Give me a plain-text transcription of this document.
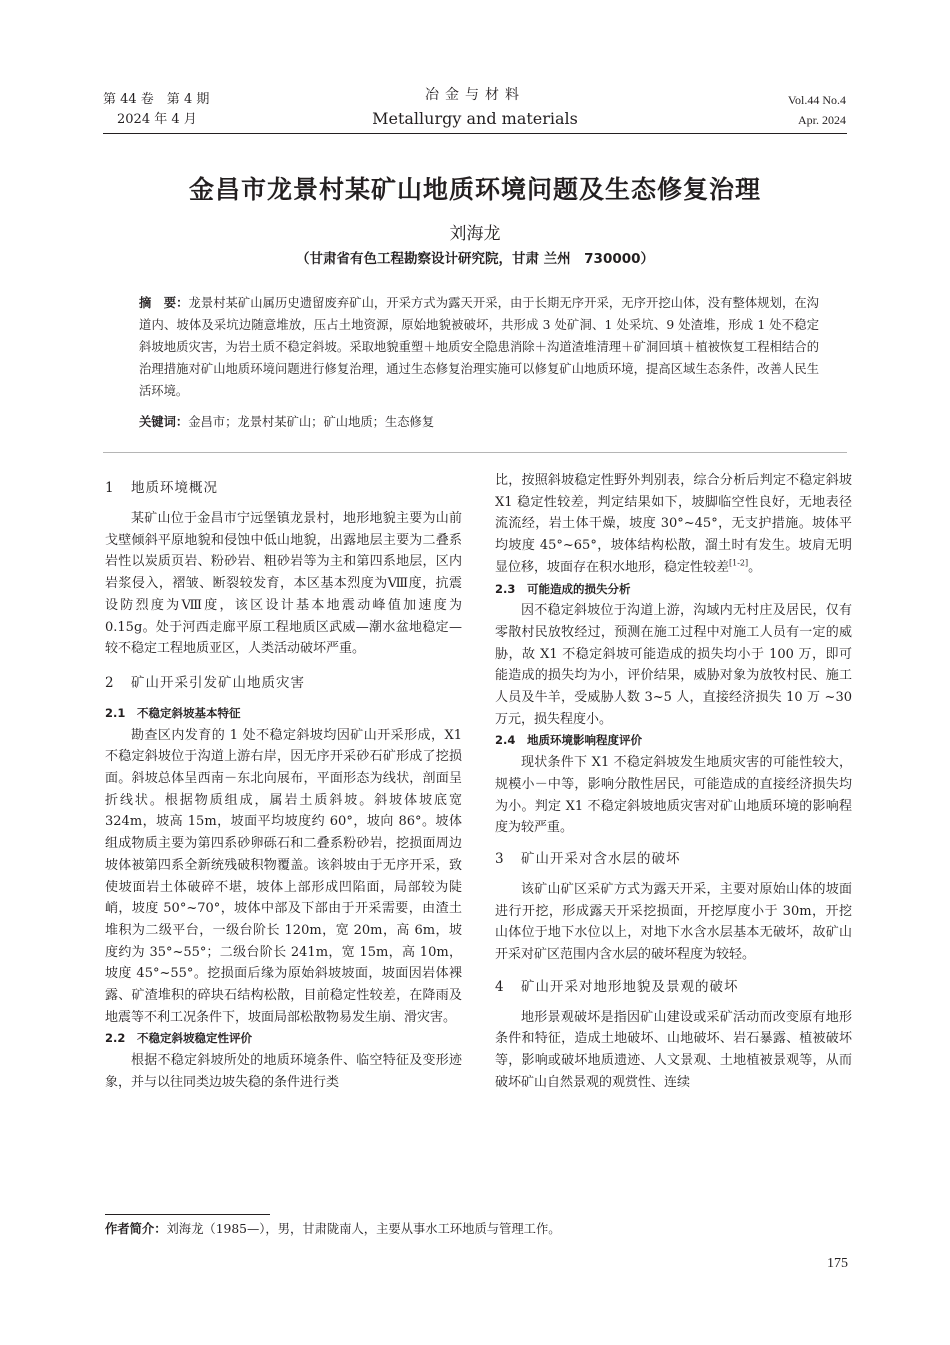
第 44 卷　第 4 期
2024 年 4 月
冶金与材料
Metallurgy and materials
Vol.44 No.4
Apr. 2024
金昌市龙景村某矿山地质环境问题及生态修复治理
刘海龙
（甘肃省有色工程勘察设计研究院，甘肃 兰州　730000）
摘　要：龙景村某矿山属历史遗留废弃矿山，开采方式为露天开采，由于长期无序开采，无序开挖山体，没有整体规划，在沟道内、坡体及采坑边随意堆放，压占土地资源，原始地貌被破坏，共形成 3 处矿洞、1 处采坑、9 处渣堆，形成 1 处不稳定斜坡地质灾害，为岩土质不稳定斜坡。采取地貌重塑＋地质安全隐患消除＋沟道渣堆清理＋矿洞回填＋植被恢复工程相结合的治理措施对矿山地质环境问题进行修复治理，通过生态修复治理实施可以修复矿山地质环境，提高区域生态条件，改善人民生活环境。
关键词：金昌市；龙景村某矿山；矿山地质；生态修复
1 地质环境概况

某矿山位于金昌市宁远堡镇龙景村，地形地貌主要为山前戈壁倾斜平原地貌和侵蚀中低山地貌，出露地层主要为二叠系岩性以炭质页岩、粉砂岩、粗砂岩等为主和第四系地层，区内岩浆侵入，褶皱、断裂较发育，本区基本烈度为Ⅷ度，抗震设防烈度为Ⅷ度，该区设计基本地震动峰值加速度为 0.15g。处于河西走廊平原工程地质区武威—潮水盆地稳定—较不稳定工程地质亚区，人类活动破坏严重。

2 矿山开采引发矿山地质灾害
2.1 不稳定斜坡基本特征

勘查区内发育的 1 处不稳定斜坡均因矿山开采形成，X1 不稳定斜坡位于沟道上游右岸，因无序开采砂石矿形成了挖损面。斜坡总体呈西南－东北向展布，平面形态为线状，剖面呈折线状。根据物质组成，属岩土质斜坡。斜坡体坡底宽 324m，坡高 15m，坡面平均坡度约 60°，坡向 86°。坡体组成物质主要为第四系砂卵砾石和二叠系粉砂岩，挖损面周边坡体被第四系全新统残破积物覆盖。该斜坡由于无序开采，致使坡面岩土体破碎不堪，坡体上部形成凹陷面，局部较为陡峭，坡度 50°~70°，坡体中部及下部由于开采需要，由渣土堆积为二级平台，一级台阶长 120m，宽 20m，高 6m，坡度约为 35°~55°；二级台阶长 241m，宽 15m，高 10m，坡度 45°~55°。挖损面后缘为原始斜坡坡面，坡面因岩体裸露、矿渣堆积的碎块石结构松散，目前稳定性较差，在降雨及地震等不利工况条件下，坡面局部松散物易发生崩、滑灾害。

2.2 不稳定斜坡稳定性评价

根据不稳定斜坡所处的地质环境条件、临空特征及变形迹象，并与以往同类边坡失稳的条件进行类

比，按照斜坡稳定性野外判别表，综合分析后判定不稳定斜坡 X1 稳定性较差，判定结果如下，坡脚临空性良好，无地表径流流经，岩土体干燥，坡度 30°~45°，无支护措施。坡体平均坡度 45°~65°，坡体结构松散，溜土时有发生。坡肩无明显位移，坡面存在积水地形，稳定性较差[1-2]。

2.3 可能造成的损失分析

因不稳定斜坡位于沟道上游，沟域内无村庄及居民，仅有零散村民放牧经过，预测在施工过程中对施工人员有一定的威胁，故 X1 不稳定斜坡可能造成的损失均小于 100 万，即可能造成的损失均为小，评价结果，威胁对象为放牧村民、施工人员及牛羊，受威胁人数 3~5 人，直接经济损失 10 万 ~30 万元，损失程度小。

2.4 地质环境影响程度评价

现状条件下 X1 不稳定斜坡发生地质灾害的可能性较大，规模小－中等，影响分散性居民，可能造成的直接经济损失均为小。判定 X1 不稳定斜坡地质灾害对矿山地质环境的影响程度为较严重。

3 矿山开采对含水层的破坏

该矿山矿区采矿方式为露天开采，主要对原始山体的坡面进行开挖，形成露天开采挖损面，开挖厚度小于 30m，开挖山体位于地下水位以上，对地下水含水层基本无破坏，故矿山开采对矿区范围内含水层的破坏程度为较轻。

4 矿山开采对地形地貌及景观的破坏

地形景观破坏是指因矿山建设或采矿活动而改变原有地形条件和特征，造成土地破坏、山地破坏、岩石暴露、植被破坏等，影响或破坏地质遗迹、人文景观、土地植被景观等，从而破坏矿山自然景观的观赏性、连续

作者简介：刘海龙（1985—），男，甘肃陇南人，主要从事水工环地质与管理工作。
175
